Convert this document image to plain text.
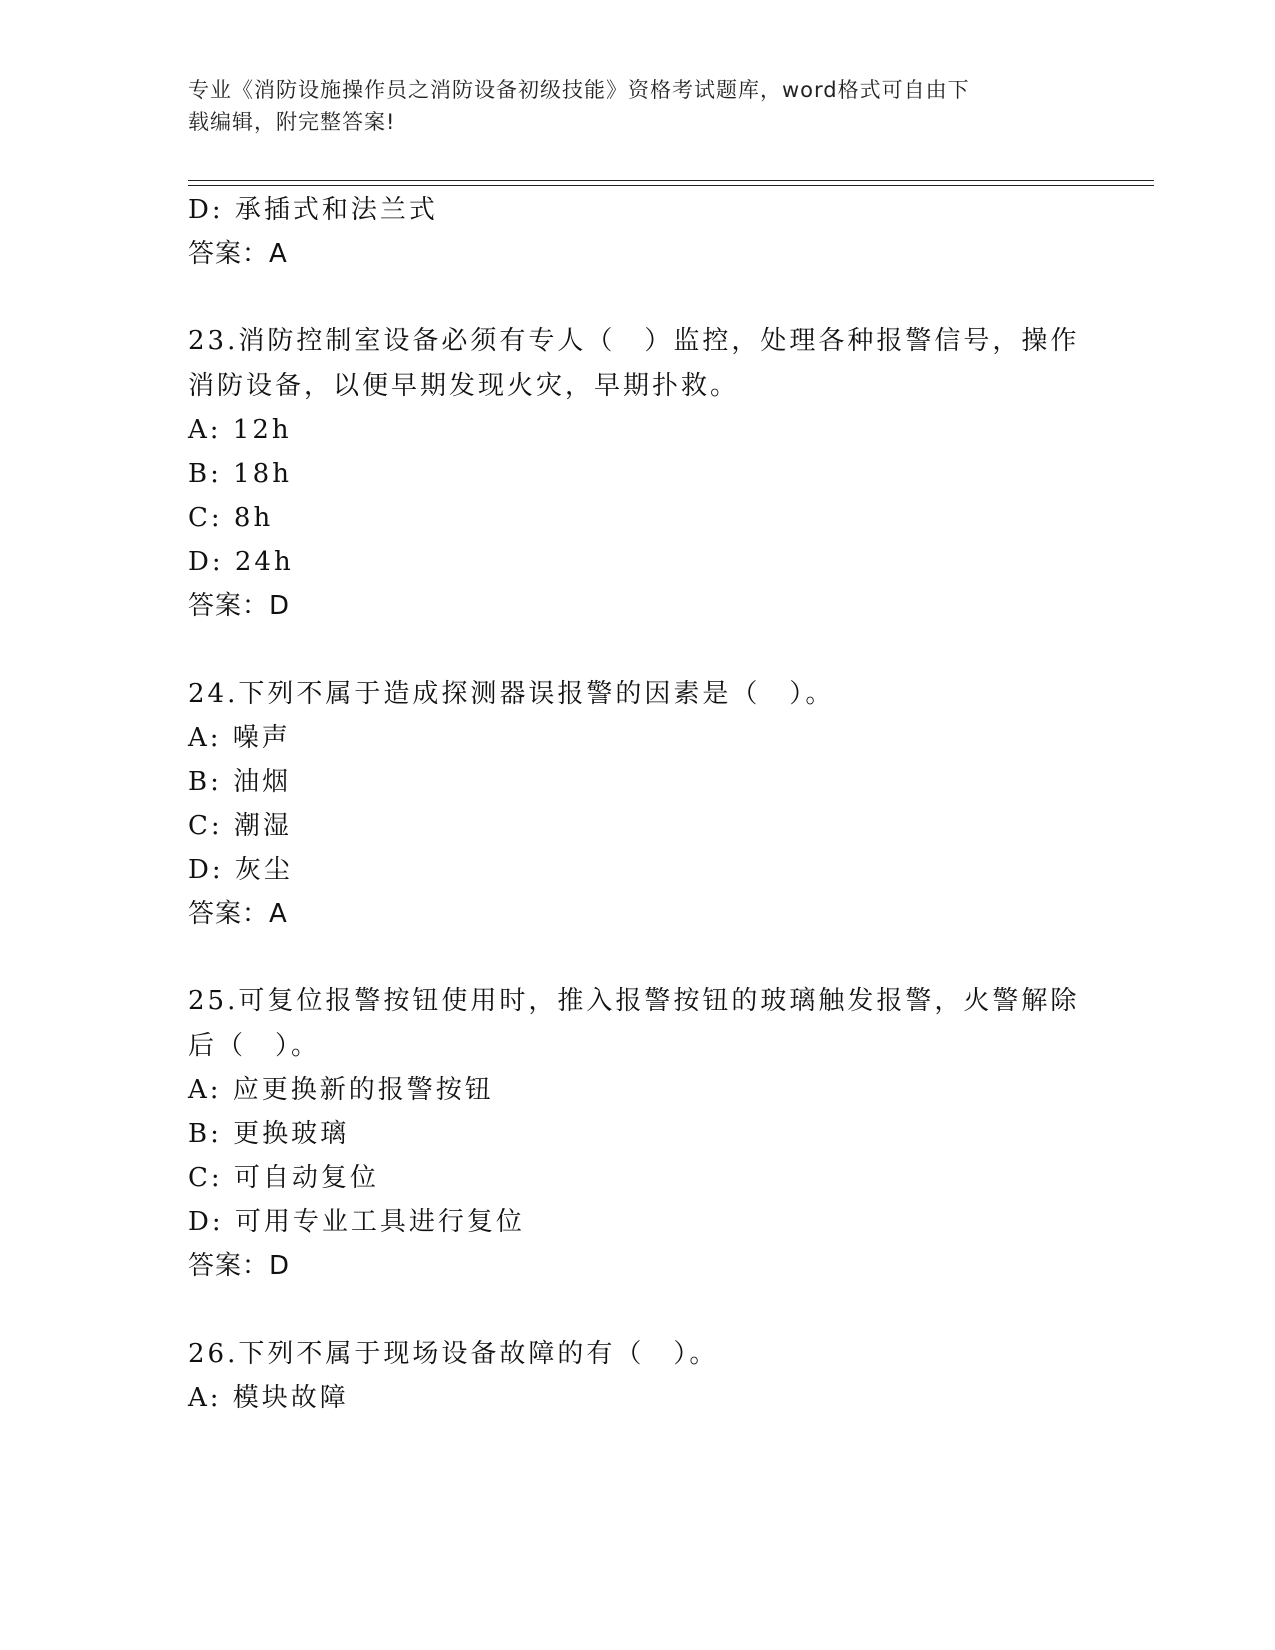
专业《消防设施操作员之消防设备初级技能》资格考试题库，word格式可自由下
载编辑，附完整答案!
D: 承插式和法兰式
答案：A
23.消防控制室设备必须有专人（　）监控，处理各种报警信号，操作
消防设备，以便早期发现火灾，早期扑救。
A: 12h
B: 18h
C: 8h
D: 24h
答案：D
24.下列不属于造成探测器误报警的因素是（　）。
A: 噪声
B: 油烟
C: 潮湿
D: 灰尘
答案：A
25.可复位报警按钮使用时，推入报警按钮的玻璃触发报警，火警解除
后（　）。
A: 应更换新的报警按钮
B: 更换玻璃
C: 可自动复位
D: 可用专业工具进行复位
答案：D
26.下列不属于现场设备故障的有（　）。
A: 模块故障
